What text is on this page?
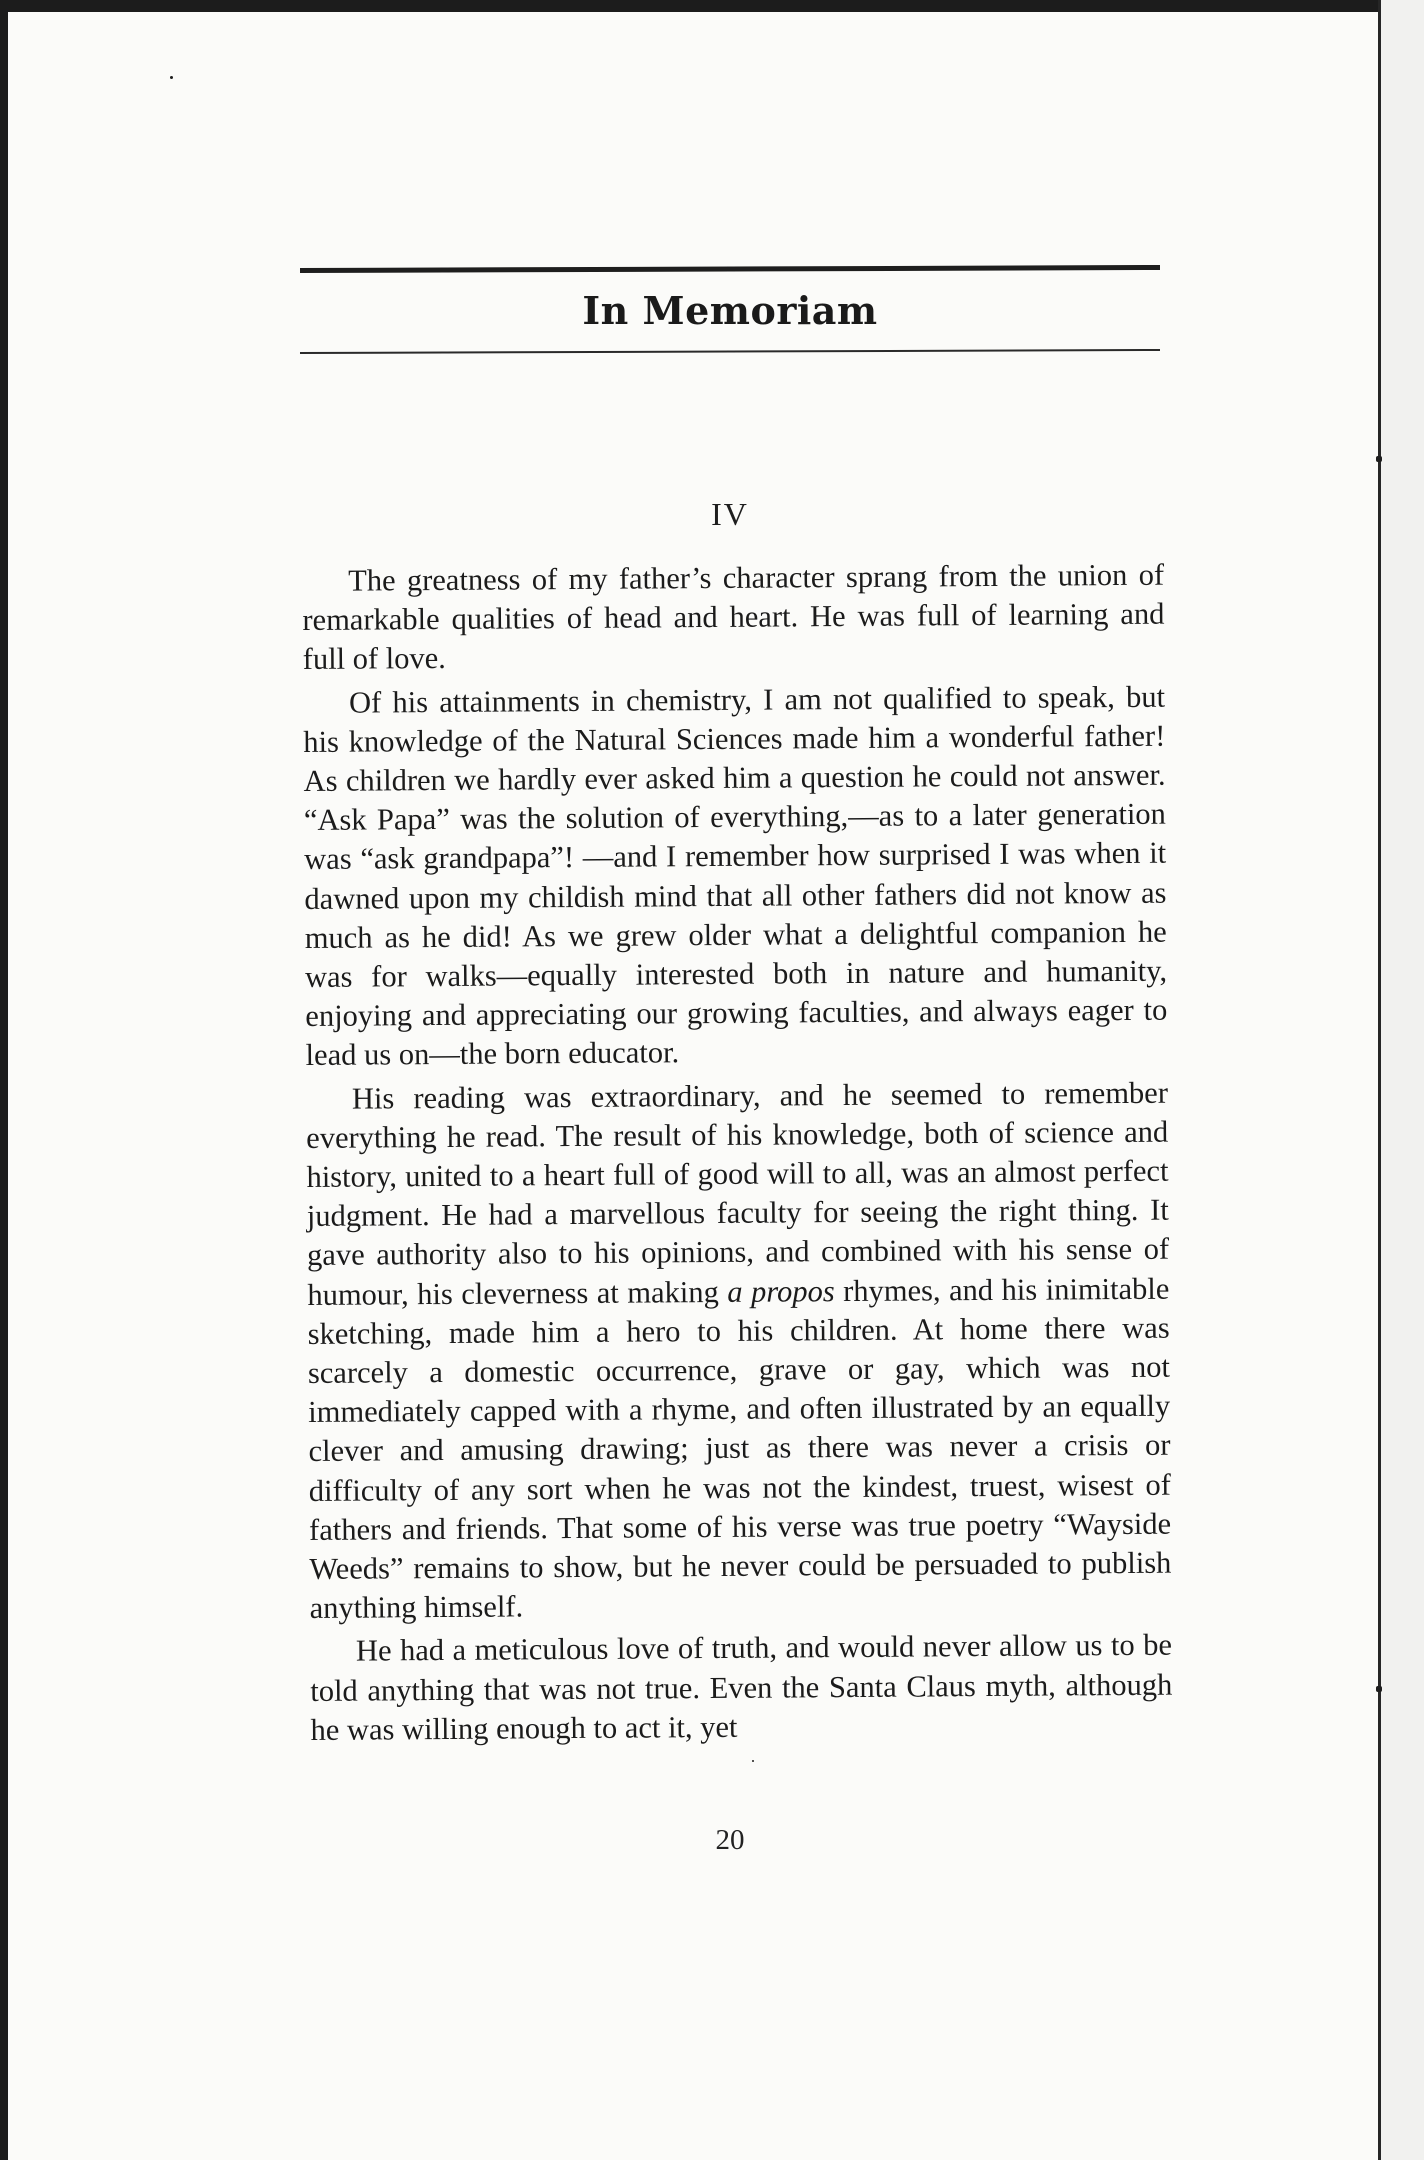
In Memoriam
IV

The greatness of my father’s character sprang from the union of remarkable qualities of head and heart. He was full of learning and full of love.

Of his attainments in chemistry, I am not qualified to speak, but his knowledge of the Natural Sciences made him a wonderful father! As children we hardly ever asked him a question he could not answer. “Ask Papa” was the solution of everything,—as to a later generation was “ask grandpapa”! —and I remember how surprised I was when it dawned upon my childish mind that all other fathers did not know as much as he did! As we grew older what a delightful companion he was for walks—equally interested both in nature and humanity, enjoying and appreciating our growing faculties, and always eager to lead us on—the born educator.

His reading was extraordinary, and he seemed to remember everything he read. The result of his knowledge, both of science and history, united to a heart full of good will to all, was an almost perfect judgment. He had a marvellous faculty for seeing the right thing. It gave authority also to his opinions, and combined with his sense of humour, his cleverness at making a propos rhymes, and his inimitable sketching, made him a hero to his children. At home there was scarcely a domestic occurrence, grave or gay, which was not immediately capped with a rhyme, and often illustrated by an equally clever and amusing drawing; just as there was never a crisis or difficulty of any sort when he was not the kindest, truest, wisest of fathers and friends. That some of his verse was true poetry “Wayside Weeds” remains to show, but he never could be persuaded to publish anything himself.

He had a meticulous love of truth, and would never allow us to be told anything that was not true. Even the Santa Claus myth, although he was willing enough to act it, yet

20
